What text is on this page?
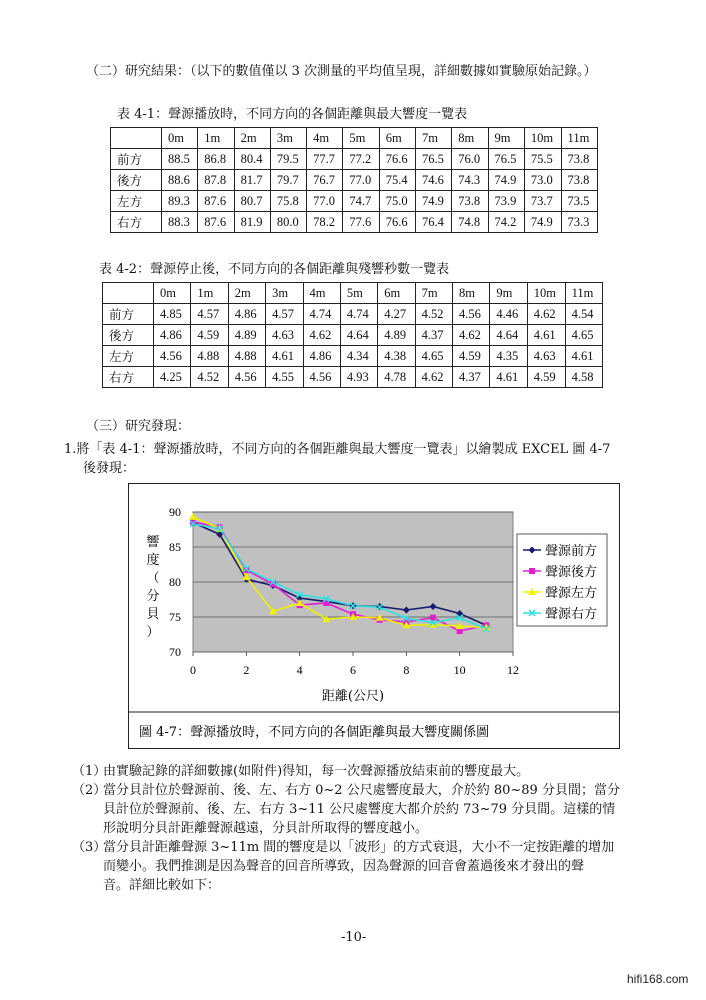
（二）研究結果：（以下的數值僅以 3 次測量的平均值呈現，詳細數據如實驗原始記錄。）
表 4-1：聲源播放時，不同方向的各個距離與最大響度一覽表
	0m	1m	2m	3m	4m	5m	6m	7m	8m	9m	10m	11m
前方	88.5	86.8	80.4	79.5	77.7	77.2	76.6	76.5	76.0	76.5	75.5	73.8
後方	88.6	87.8	81.7	79.7	76.7	77.0	75.4	74.6	74.3	74.9	73.0	73.8
左方	89.3	87.6	80.7	75.8	77.0	74.7	75.0	74.9	73.8	73.9	73.7	73.5
右方	88.3	87.6	81.9	80.0	78.2	77.6	76.6	76.4	74.8	74.2	74.9	73.3
表 4-2：聲源停止後，不同方向的各個距離與殘響秒數一覽表
	0m	1m	2m	3m	4m	5m	6m	7m	8m	9m	10m	11m
前方	4.85	4.57	4.86	4.57	4.74	4.74	4.27	4.52	4.56	4.46	4.62	4.54
後方	4.86	4.59	4.89	4.63	4.62	4.64	4.89	4.37	4.62	4.64	4.61	4.65
左方	4.56	4.88	4.88	4.61	4.86	4.34	4.38	4.65	4.59	4.35	4.63	4.61
右方	4.25	4.52	4.56	4.55	4.56	4.93	4.78	4.62	4.37	4.61	4.59	4.58
（三）研究發現：
1.將「表 4-1：聲源播放時，不同方向的各個距離與最大響度一覽表」以繪製成 EXCEL 圖 4-7
後發現：
70
75
80
85
90
0	2	4	6	8	10	12
響
度
（
分
貝
）
距離(公尺)
聲源前方
聲源後方
聲源左方
聲源右方
圖 4-7：聲源播放時，不同方向的各個距離與最大響度關係圖
（1）
由實驗記錄的詳細數據(如附件)得知，每一次聲源播放結束前的響度最大。
（2）
當分貝計位於聲源前、後、左、右方 0~2 公尺處響度最大，介於約 80~89 分貝間；當分
貝計位於聲源前、後、左、右方 3~11 公尺處響度大都介於約 73~79 分貝間。這樣的情
形說明分貝計距離聲源越遠，分貝計所取得的響度越小。
（3）
當分貝計距離聲源 3~11m 間的響度是以「波形」的方式衰退，大小不一定按距離的增加
而變小。我們推測是因為聲音的回音所導致，因為聲源的回音會蓋過後來才發出的聲
音。詳細比較如下：
-10-
hifi168.com
